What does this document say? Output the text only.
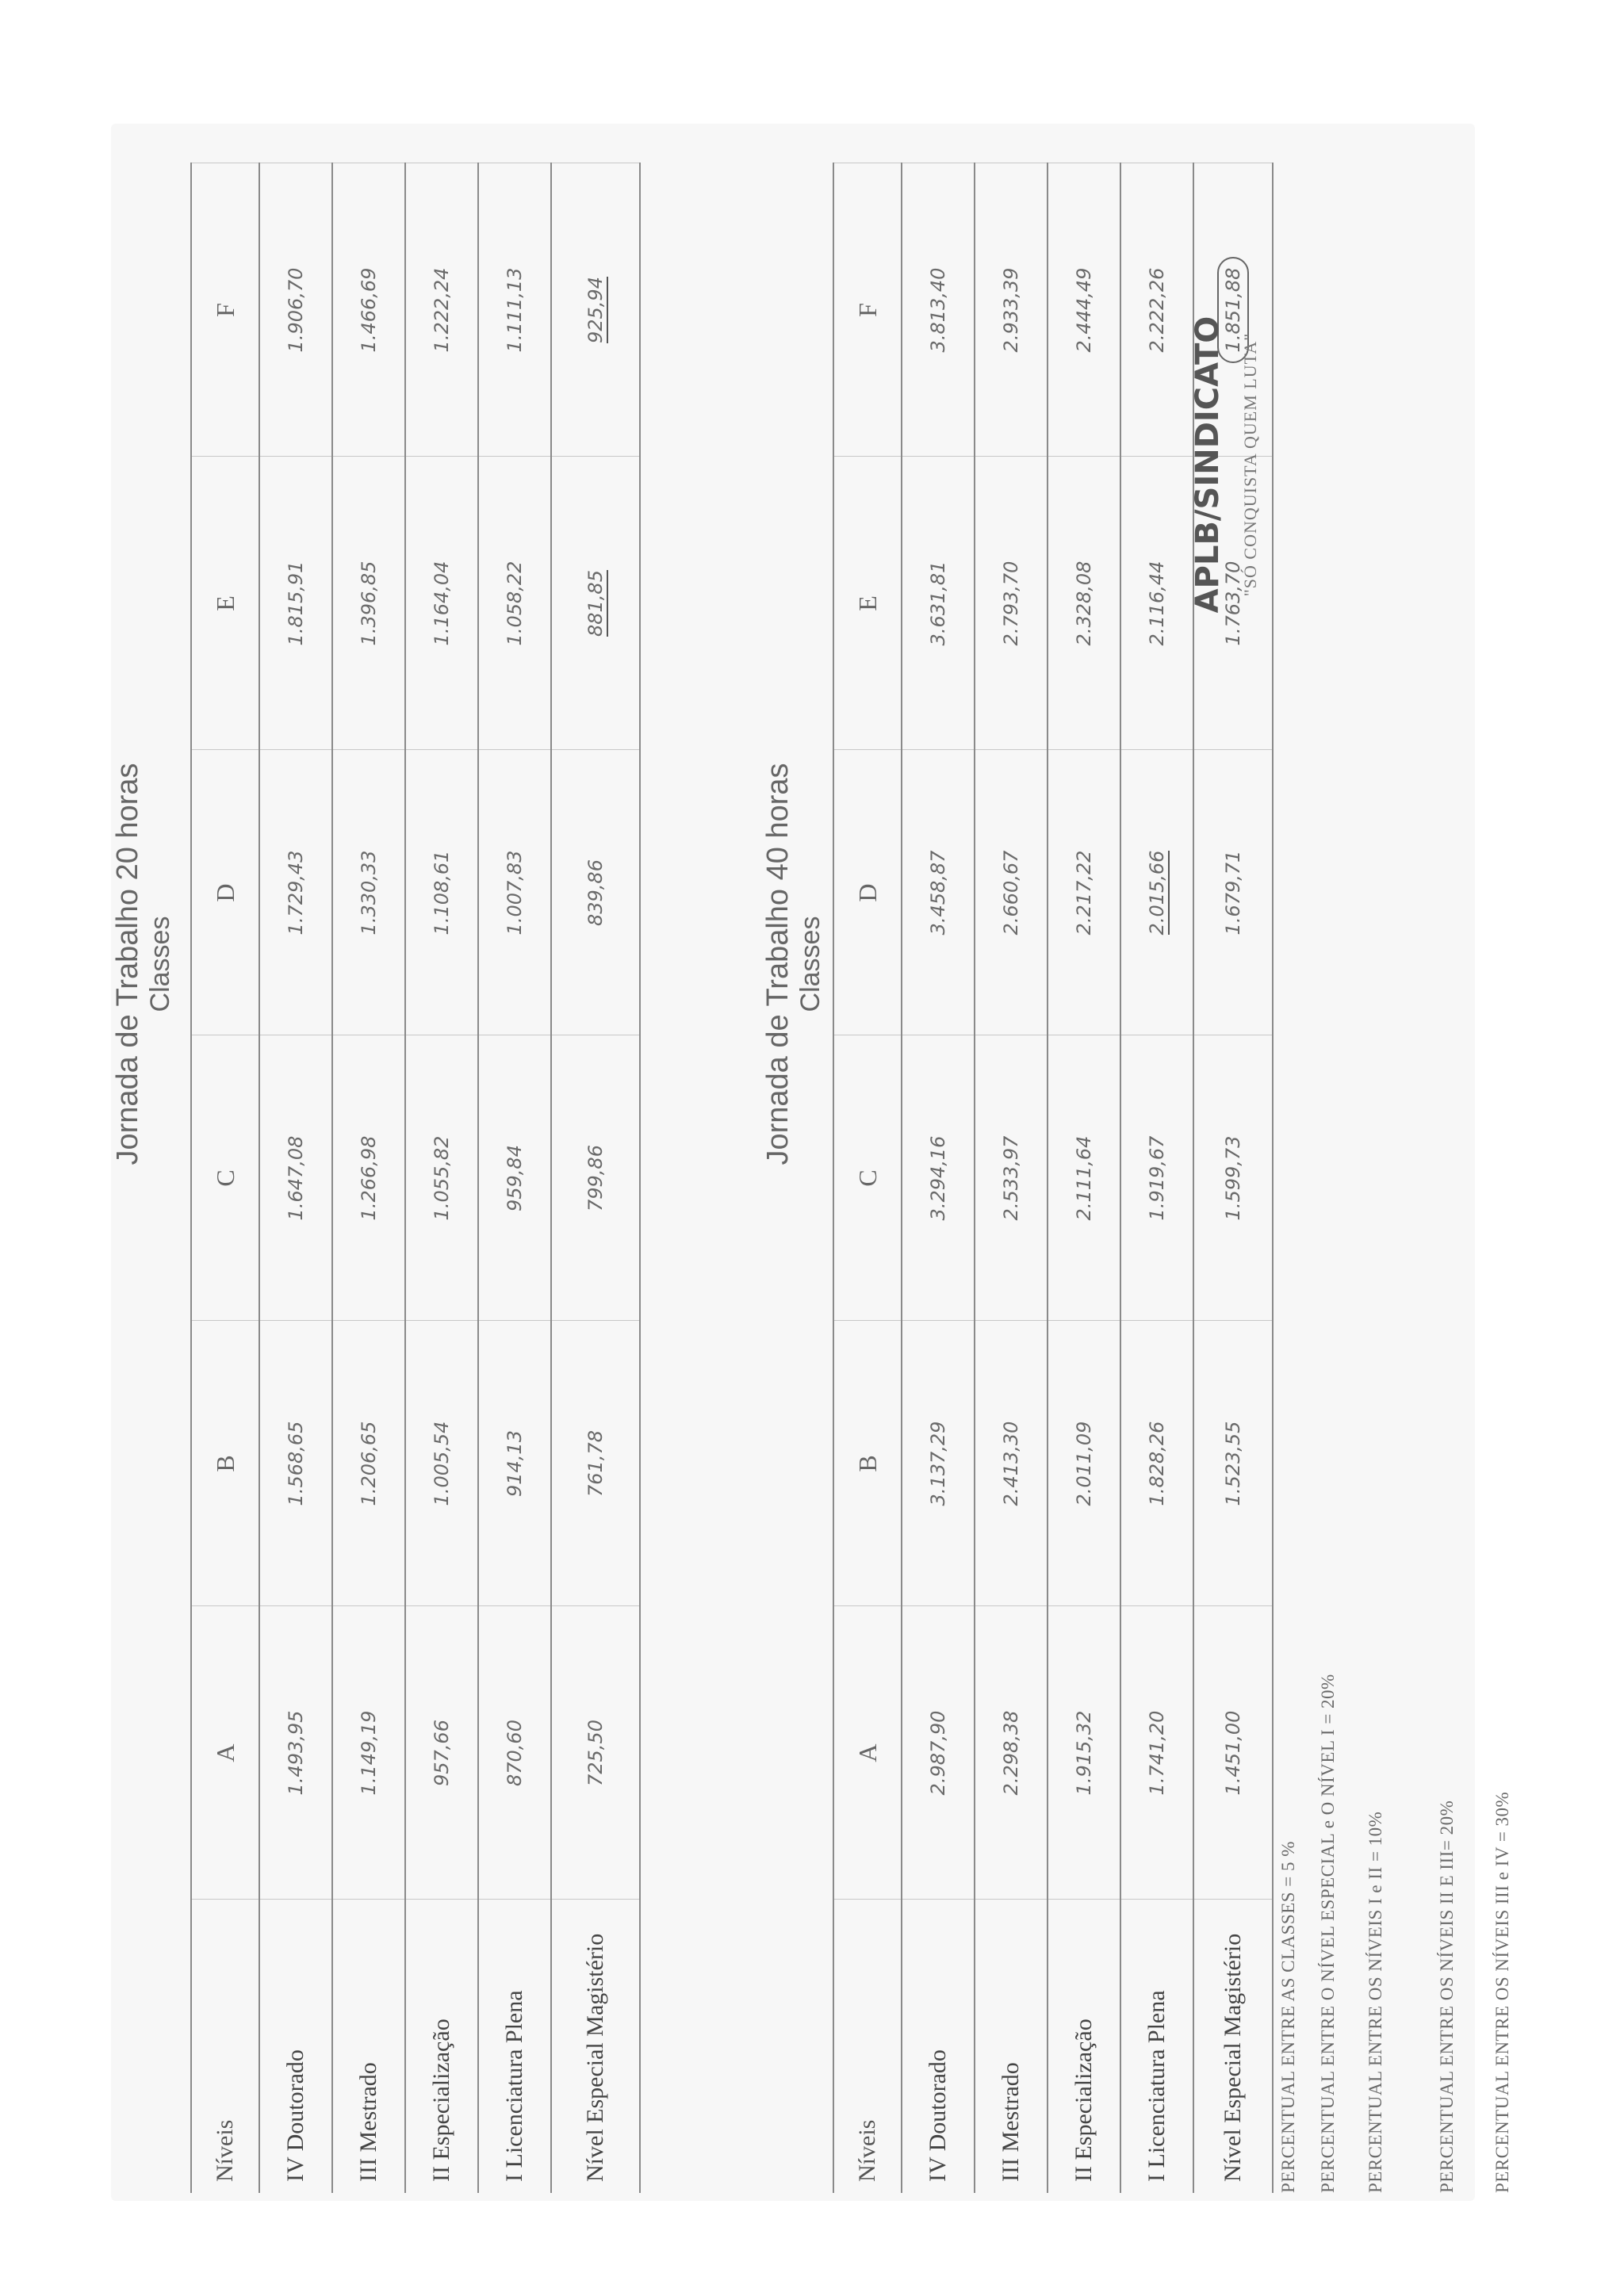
Jornada de Trabalho 20 horas Classes
Níveis	A	B	C	D	E	F
IV Doutorado	1.493,95	1.568,65	1.647,08	1.729,43	1.815,91	1.906,70
III Mestrado	1.149,19	1.206,65	1.266,98	1.330,33	1.396,85	1.466,69
II Especialização	957,66	1.005,54	1.055,82	1.108,61	1.164,04	1.222,24
I Licenciatura Plena	870,60	914,13	959,84	1.007,83	1.058,22	1.111,13
Nível Especial Magistério	725,50	761,78	799,86	839,86	881,85	925,94
Jornada de Trabalho 40 horas Classes
Níveis	A	B	C	D	E	F
IV Doutorado	2.987,90	3.137,29	3.294,16	3.458,87	3.631,81	3.813,40
III Mestrado	2.298,38	2.413,30	2.533,97	2.660,67	2.793,70	2.933,39
II Especialização	1.915,32	2.011,09	2.111,64	2.217,22	2.328,08	2.444,49
I Licenciatura Plena	1.741,20	1.828,26	1.919,67	2.015,66	2.116,44	2.222,26
Nível Especial Magistério	1.451,00	1.523,55	1.599,73	1.679,71	1.763,70	1.851,88
PERCENTUAL ENTRE AS CLASSES = 5 % PERCENTUAL ENTRE O NÍVEL ESPECIAL e O NÍVEL I = 20% PERCENTUAL ENTRE OS NÍVEIS I e II = 10%	PERCENTUAL ENTRE OS NÍVEIS II E III= 20% PERCENTUAL ENTRE OS NÍVEIS III e IV = 30%
APLB/SINDICATO "SÓ CONQUISTA QUEM LUTA"
